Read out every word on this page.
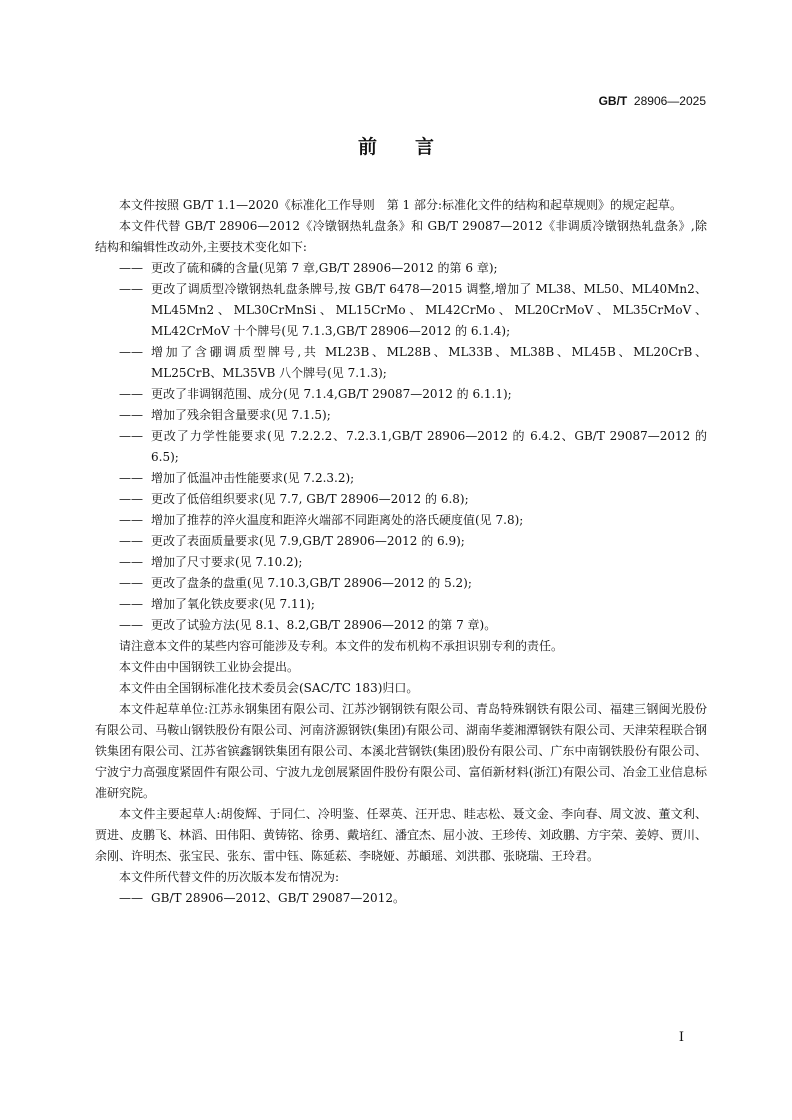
GB/T 28906—2025
前言

本文件按照 GB/T 1.1—2020《标准化工作导则　第 1 部分:标准化文件的结构和起草规则》的规定起草。

本文件代替 GB/T 28906—2012《冷镦钢热轧盘条》和 GB/T 29087—2012《非调质冷镦钢热轧盘条》,除结构和编辑性改动外,主要技术变化如下:

—— 更改了硫和磷的含量(见第 7 章,GB/T 28906—2012 的第 6 章);

—— 更改了调质型冷镦钢热轧盘条牌号,按 GB/T 6478—2015 调整,增加了 ML38、ML50、ML40Mn2、ML45Mn2、ML30CrMnSi、ML15CrMo、ML42CrMo、ML20CrMoV、ML35CrMoV、ML42CrMoV 十个牌号(见 7.1.3,GB/T 28906—2012 的 6.1.4);

—— 增加了含硼调质型牌号,共 ML23B、ML28B、ML33B、ML38B、ML45B、ML20CrB、ML25CrB、ML35VB 八个牌号(见 7.1.3);

—— 更改了非调钢范围、成分(见 7.1.4,GB/T 29087—2012 的 6.1.1);

—— 增加了残余钼含量要求(见 7.1.5);

—— 更改了力学性能要求(见 7.2.2.2、7.2.3.1,GB/T 28906—2012 的 6.4.2、GB/T 29087—2012 的 6.5);

—— 增加了低温冲击性能要求(见 7.2.3.2);

—— 更改了低倍组织要求(见 7.7, GB/T 28906—2012 的 6.8);

—— 增加了推荐的淬火温度和距淬火端部不同距离处的洛氏硬度值(见 7.8);

—— 更改了表面质量要求(见 7.9,GB/T 28906—2012 的 6.9);

—— 增加了尺寸要求(见 7.10.2);

—— 更改了盘条的盘重(见 7.10.3,GB/T 28906—2012 的 5.2);

—— 增加了氧化铁皮要求(见 7.11);

—— 更改了试验方法(见 8.1、8.2,GB/T 28906—2012 的第 7 章)。

请注意本文件的某些内容可能涉及专利。本文件的发布机构不承担识别专利的责任。

本文件由中国钢铁工业协会提出。

本文件由全国钢标准化技术委员会(SAC/TC 183)归口。

本文件起草单位:江苏永钢集团有限公司、江苏沙钢钢铁有限公司、青岛特殊钢铁有限公司、福建三钢闽光股份有限公司、马鞍山钢铁股份有限公司、河南济源钢铁(集团)有限公司、湖南华菱湘潭钢铁有限公司、天津荣程联合钢铁集团有限公司、江苏省镔鑫钢铁集团有限公司、本溪北营钢铁(集团)股份有限公司、广东中南钢铁股份有限公司、宁波宁力高强度紧固件有限公司、宁波九龙创展紧固件股份有限公司、富佰新材料(浙江)有限公司、冶金工业信息标准研究院。

本文件主要起草人:胡俊辉、于同仁、冷明鉴、任翠英、汪开忠、眭志松、聂文金、李向春、周文波、董文利、贾进、皮鹏飞、林滔、田伟阳、黄铸铭、徐勇、戴培红、潘宜杰、屈小波、王珍传、刘政鹏、方宇荣、姜婷、贾川、余刚、许明杰、张宝民、张东、雷中钰、陈延菘、李晓娅、苏頔瑶、刘洪郡、张晓瑞、王玲君。

本文件所代替文件的历次版本发布情况为:

—— GB/T 28906—2012、GB/T 29087—2012。

I
